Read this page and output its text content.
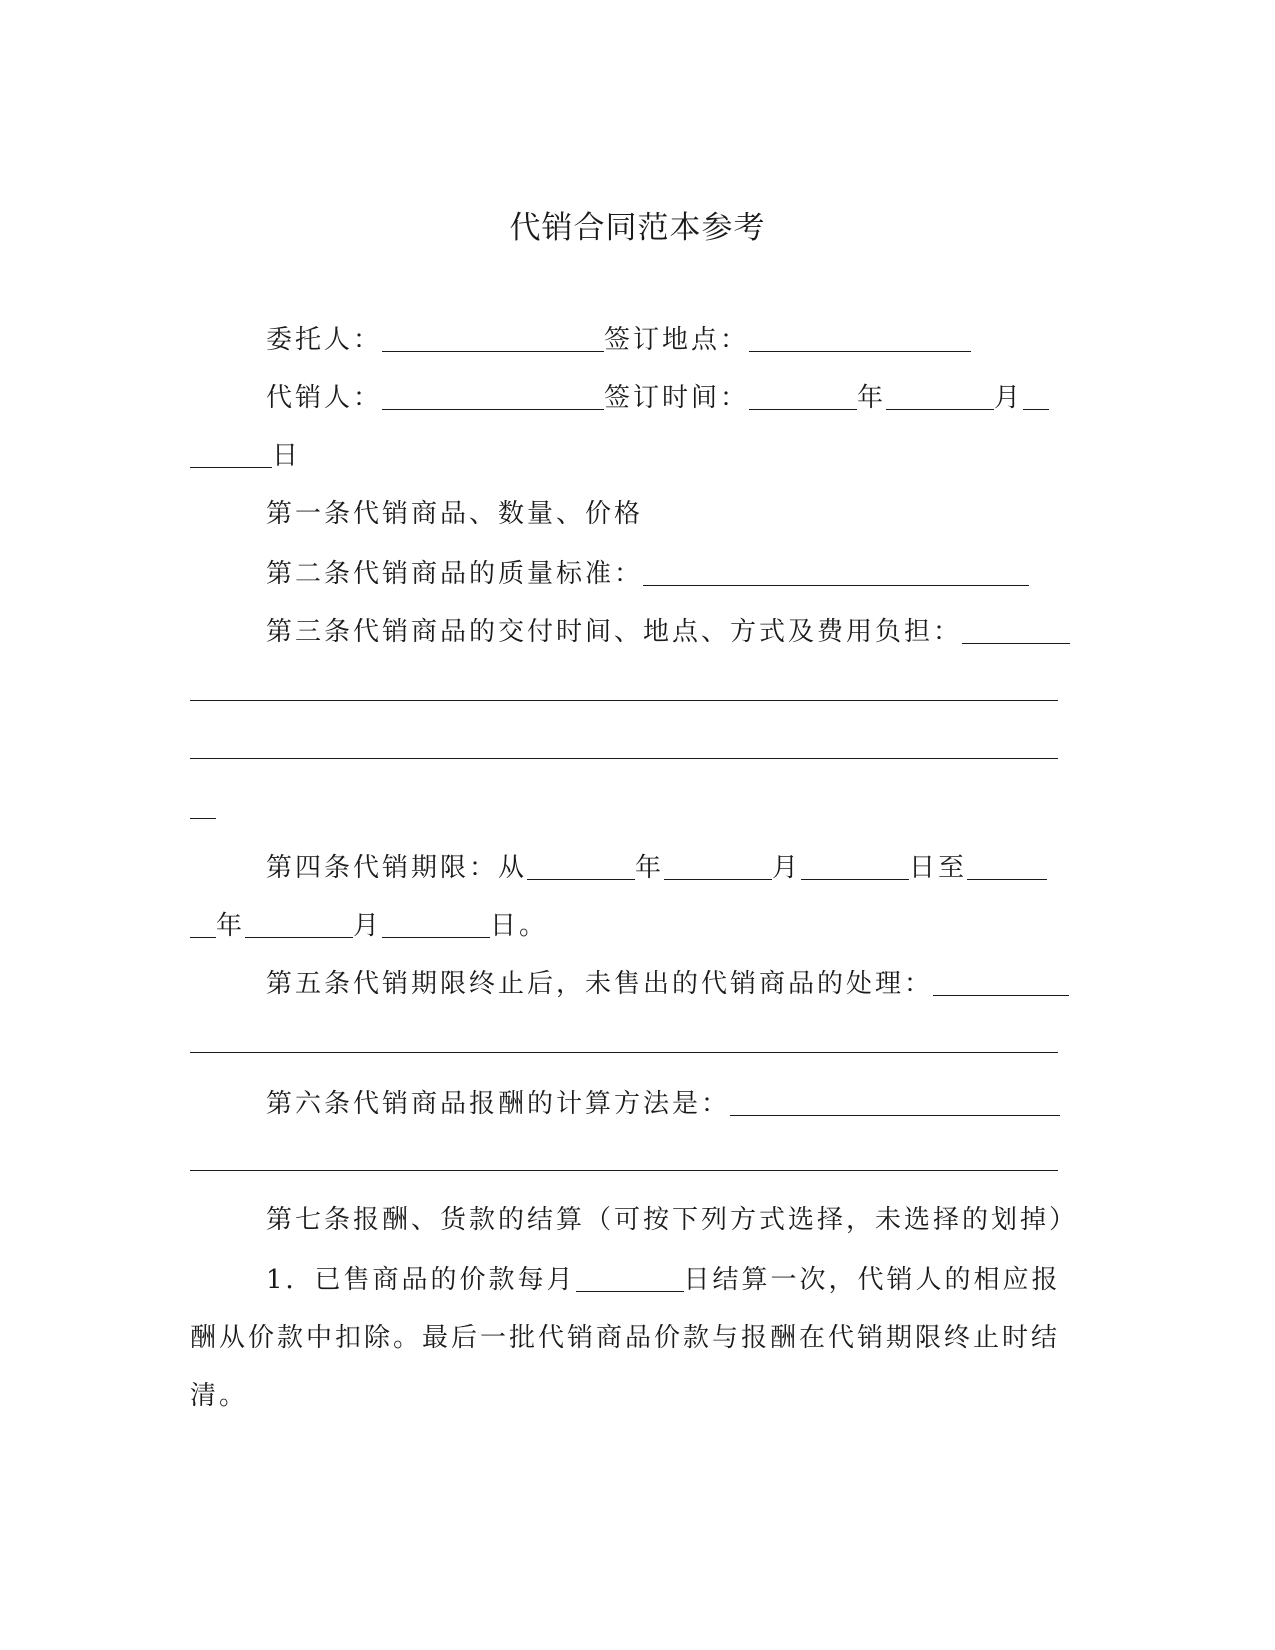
代销合同范本参考
委托人：	签订地点：
代销人：	签订时间：	年	月
日
第一条代销商品、数量、价格
第二条代销商品的质量标准：
第三条代销商品的交付时间、地点、方式及费用负担：
第四条代销期限：从	年	月	日至
年	月	日。
第五条代销期限终止后，未售出的代销商品的处理：
第六条代销商品报酬的计算方法是：
第七条报酬、货款的结算（可按下列方式选择，未选择的划掉）
1．已售商品的价款每月	日结算一次，代销人的相应报
酬从价款中扣除。最后一批代销商品价款与报酬在代销期限终止时结
清。
